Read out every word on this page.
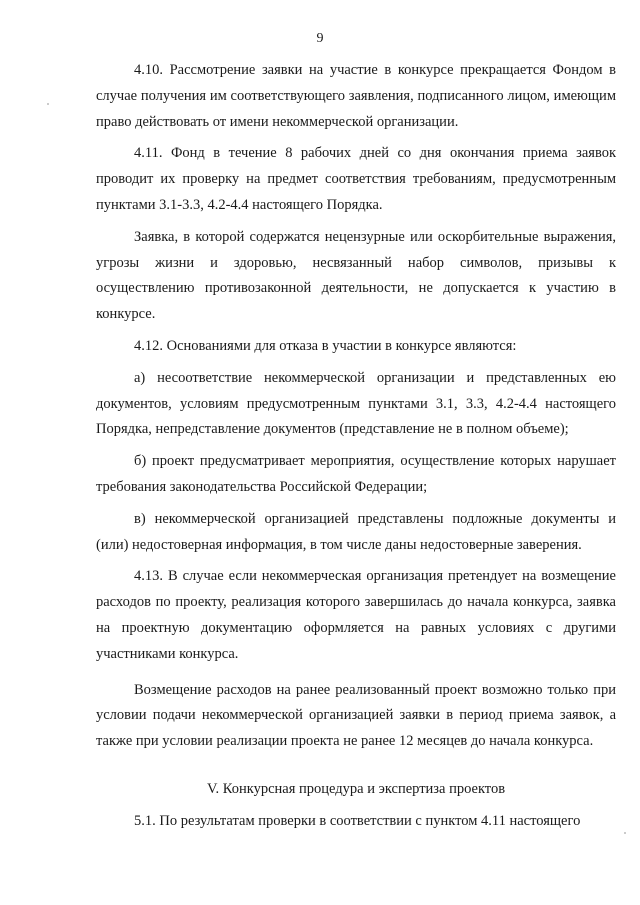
9

4.10. Рассмотрение заявки на участие в конкурсе прекращается Фондом в случае получения им соответствующего заявления, подписанного лицом, имеющим право действовать от имени некоммерческой организации.

4.11. Фонд в течение 8 рабочих дней со дня окончания приема заявок проводит их проверку на предмет соответствия требованиям, предусмотренным пунктами 3.1-3.3, 4.2-4.4 настоящего Порядка.

Заявка, в которой содержатся нецензурные или оскорбительные выражения, угрозы жизни и здоровью, несвязанный набор символов, призывы к осуществлению противозаконной деятельности, не допускается к участию в конкурсе.

4.12. Основаниями для отказа в участии в конкурсе являются:

а) несоответствие некоммерческой организации и представленных ею документов, условиям предусмотренным пунктами 3.1, 3.3, 4.2-4.4 настоящего Порядка, непредставление документов (представление не в полном объеме);

б) проект предусматривает мероприятия, осуществление которых нарушает требования законодательства Российской Федерации;

в) некоммерческой организацией представлены подложные документы и (или) недостоверная информация, в том числе даны недостоверные заверения.

4.13. В случае если некоммерческая организация претендует на возмещение расходов по проекту, реализация которого завершилась до начала конкурса, заявка на проектную документацию оформляется на равных условиях с другими участниками конкурса.

Возмещение расходов на ранее реализованный проект возможно только при условии подачи некоммерческой организацией заявки в период приема заявок, а также при условии реализации проекта не ранее 12 месяцев до начала конкурса.

V. Конкурсная процедура и экспертиза проектов

5.1. По результатам проверки в соответствии с пунктом 4.11 настоящего
